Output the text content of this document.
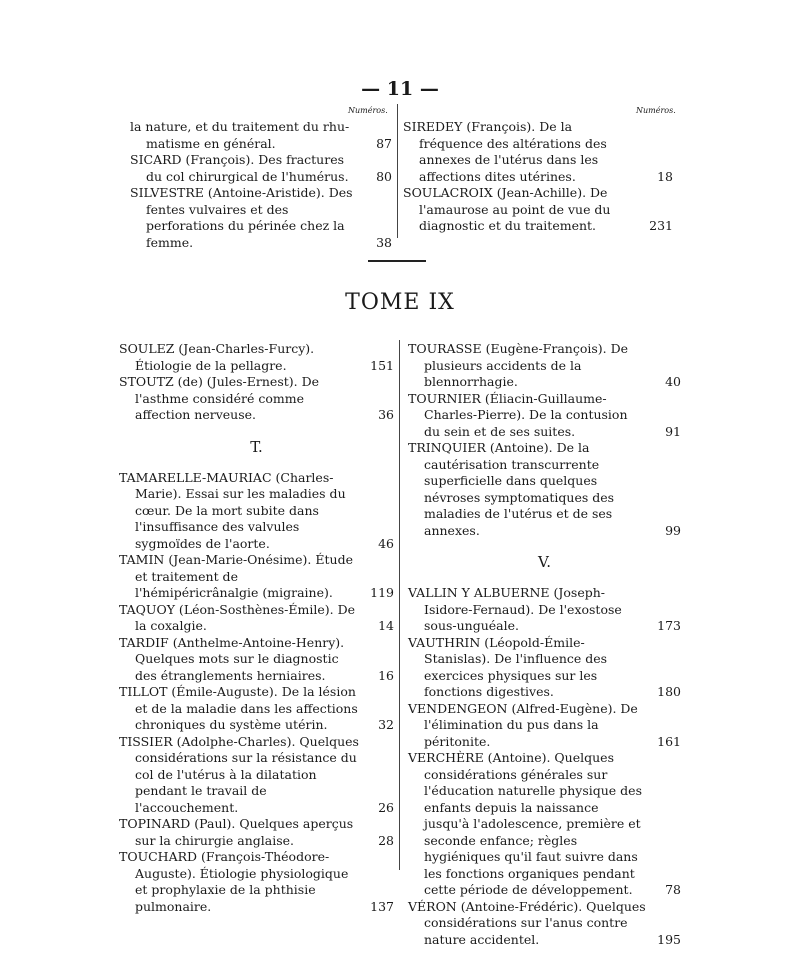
— 11 —
Numéros.	Numéros.
la nature, et du traitement du rhu-matisme en général.	87
SICARD (François). Des fractures du col chirurgical de l'humérus.	80
SILVESTRE (Antoine-Aristide). Des fentes vulvaires et des perforations du périnée chez la femme.	38
SIREDEY (François). De la fréquence des altérations des annexes de l'utérus dans les affections dites utérines.	18
SOULACROIX (Jean-Achille). De l'amaurose au point de vue du diagnostic et du traitement.	231
TOME IX
SOULEZ (Jean-Charles-Furcy). Étiologie de la pellagre.	151
STOUTZ (de) (Jules-Ernest). De l'asthme considéré comme affection nerveuse.	36
T.
TAMARELLE-MAURIAC (Charles-Marie). Essai sur les maladies du cœur. De la mort subite dans l'insuffisance des valvules sygmoïdes de l'aorte.	46
TAMIN (Jean-Marie-Onésime). Étude et traitement de l'hémipéricrânalgie (migraine).	119
TAQUOY (Léon-Sosthènes-Émile). De la coxalgie.	14
TARDIF (Anthelme-Antoine-Henry). Quelques mots sur le diagnostic des étranglements herniaires.	16
TILLOT (Émile-Auguste). De la lésion et de la maladie dans les affections chroniques du système utérin.	32
TISSIER (Adolphe-Charles). Quelques considérations sur la résistance du col de l'utérus à la dilatation pendant le travail de l'accouchement.	26
TOPINARD (Paul). Quelques aperçus sur la chirurgie anglaise.	28
TOUCHARD (François-Théodore-Auguste). Étiologie physiologique et prophylaxie de la phthisie pulmonaire.	137
TOURASSE (Eugène-François). De plusieurs accidents de la blennorrhagie.	40
TOURNIER (Éliacin-Guillaume-Charles-Pierre). De la contusion du sein et de ses suites.	91
TRINQUIER (Antoine). De la cautérisation transcurrente superficielle dans quelques névroses symptomatiques des maladies de l'utérus et de ses annexes.	99
V.
VALLIN Y ALBUERNE (Joseph-Isidore-Fernaud). De l'exostose sous-unguéale.	173
VAUTHRIN (Léopold-Émile-Stanislas). De l'influence des exercices physiques sur les fonctions digestives.	180
VENDENGEON (Alfred-Eugène). De l'élimination du pus dans la péritonite.	161
VERCHÈRE (Antoine). Quelques considérations générales sur l'éducation naturelle physique des enfants depuis la naissance jusqu'à l'adolescence, première et seconde enfance; règles hygiéniques qu'il faut suivre dans les fonctions organiques pendant cette période de développement.	78
VÉRON (Antoine-Frédéric). Quelques considérations sur l'anus contre nature accidentel.	195
